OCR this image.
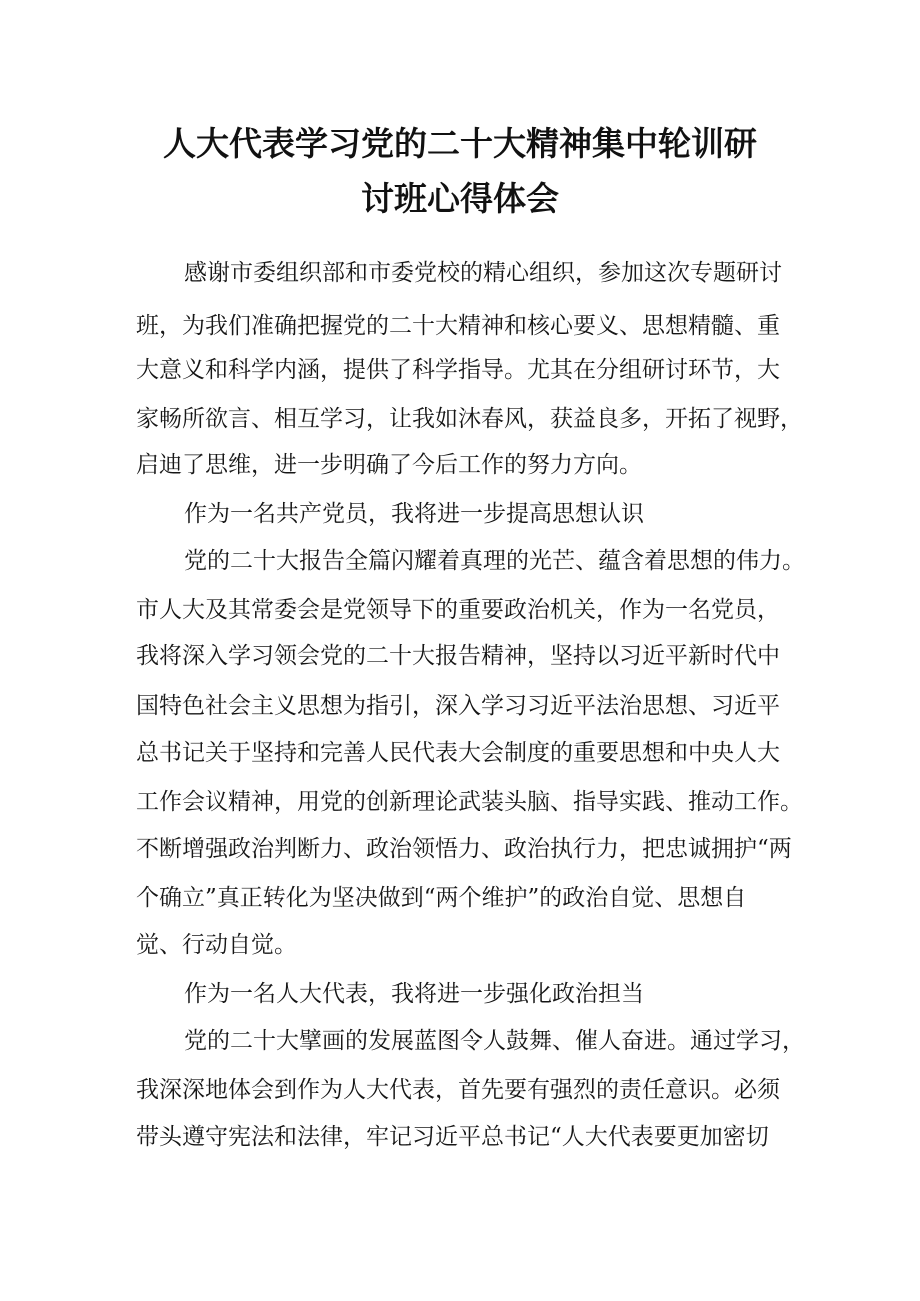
人大代表学习党的二十大精神集中轮训研
讨班心得体会
感谢市委组织部和市委党校的精心组织，参加这次专题研讨
班，为我们准确把握党的二十大精神和核心要义、思想精髓、重
大意义和科学内涵，提供了科学指导。尤其在分组研讨环节，大
家畅所欲言、相互学习，让我如沐春风，获益良多，开拓了视野，
启迪了思维，进一步明确了今后工作的努力方向。
作为一名共产党员，我将进一步提高思想认识
党的二十大报告全篇闪耀着真理的光芒、蕴含着思想的伟力。
市人大及其常委会是党领导下的重要政治机关，作为一名党员，
我将深入学习领会党的二十大报告精神，坚持以习近平新时代中
国特色社会主义思想为指引，深入学习习近平法治思想、习近平
总书记关于坚持和完善人民代表大会制度的重要思想和中央人大
工作会议精神，用党的创新理论武装头脑、指导实践、推动工作。
不断增强政治判断力、政治领悟力、政治执行力，把忠诚拥护“两
个确立”真正转化为坚决做到“两个维护”的政治自觉、思想自
觉、行动自觉。
作为一名人大代表，我将进一步强化政治担当
党的二十大擘画的发展蓝图令人鼓舞、催人奋进。通过学习，
我深深地体会到作为人大代表，首先要有强烈的责任意识。必须
带头遵守宪法和法律，牢记习近平总书记“人大代表要更加密切
